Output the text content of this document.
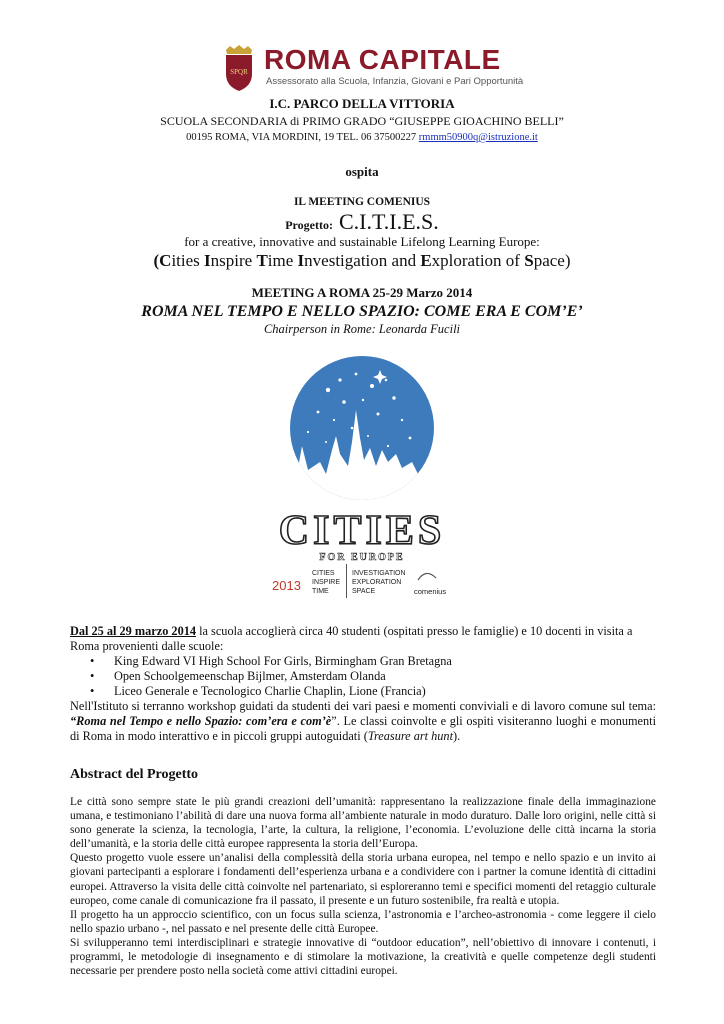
SPQR ROMA CAPITALE
Assessorato alla Scuola, Infanzia, Giovani e Pari Opportunità
I.C. PARCO DELLA VITTORIA
SCUOLA SECONDARIA di PRIMO GRADO “GIUSEPPE GIOACHINO BELLI”
00195 ROMA, VIA MORDINI, 19 TEL. 06 37500227 rmmm50900q@istruzione.it
ospita
IL MEETING COMENIUS
Progetto: C.I.T.I.E.S.
for a creative, innovative and sustainable Lifelong Learning Europe:
(Cities Inspire Time Investigation and Exploration of Space)
MEETING A ROMA 25-29 Marzo 2014
ROMA NEL TEMPO E NELLO SPAZIO: COME ERA E COM’E’
Chairperson in Rome: Leonarda Fucili
CITIES
FOR EUROPE
2013
CITIES
INSPIRE
TIME
INVESTIGATION
EXPLORATION
SPACE	comenius
Dal 25 al 29 marzo 2014 la scuola accoglierà circa 40 studenti (ospitati presso le famiglie) e 10 docenti in visita a Roma provenienti dalle scuole:
• King Edward VI High School For Girls, Birmingham Gran Bretagna
• Open Schoolgemeenschap Bijlmer, Amsterdam Olanda
• Liceo Generale e Tecnologico Charlie Chaplin, Lione (Francia)
Nell'Istituto si terranno workshop guidati da studenti dei vari paesi e momenti conviviali e di lavoro comune sul tema: “Roma nel Tempo e nello Spazio: com’era e com’è”. Le classi coinvolte e gli ospiti visiteranno luoghi e monumenti di Roma in modo interattivo e in piccoli gruppi autoguidati (Treasure art hunt).
Abstract del Progetto

Le città sono sempre state le più grandi creazioni dell’umanità: rappresentano la realizzazione finale della immaginazione umana, e testimoniano l’abilità di dare una nuova forma all’ambiente naturale in modo duraturo. Dalle loro origini, nelle città si sono generate la scienza, la tecnologia, l’arte, la cultura, la religione, l’economia. L’evoluzione delle città incarna la storia dell’umanità, e la storia delle città europee rappresenta la storia dell’Europa.

Questo progetto vuole essere un’analisi della complessità della storia urbana europea, nel tempo e nello spazio e un invito ai giovani partecipanti a esplorare i fondamenti dell’esperienza urbana e a condividere con i partner la comune identità di cittadini europei. Attraverso la visita delle città coinvolte nel partenariato, si esploreranno temi e specifici momenti del retaggio culturale europeo, come canale di comunicazione fra il passato, il presente e un futuro sostenibile, fra realtà e utopia.

Il progetto ha un approccio scientifico, con un focus sulla scienza, l’astronomia e l’archeo-astronomia - come leggere il cielo nello spazio urbano -, nel passato e nel presente delle città Europee.

Si svilupperanno temi interdisciplinari e strategie innovative di “outdoor education”, nell’obiettivo di innovare i contenuti, i programmi, le metodologie di insegnamento e di stimolare la motivazione, la creatività e quelle competenze degli studenti necessarie per prendere posto nella società come attivi cittadini europei.
